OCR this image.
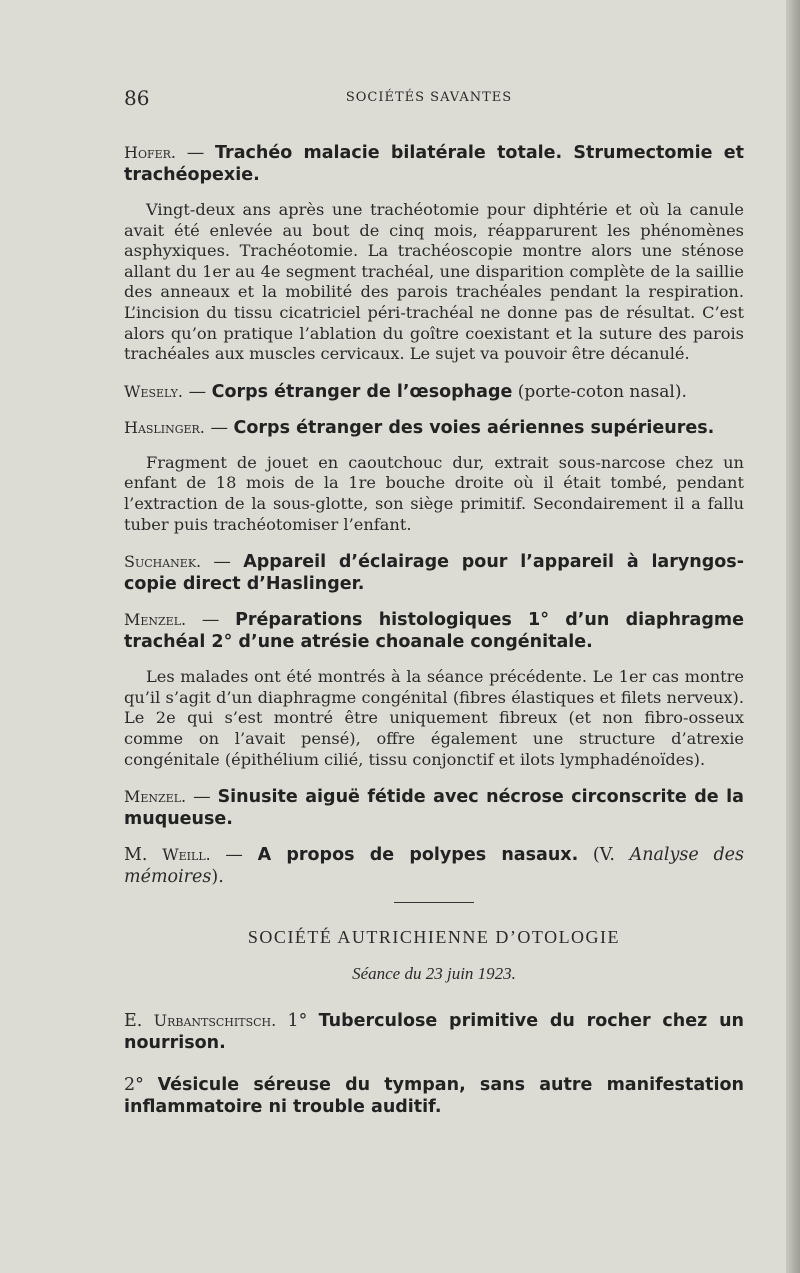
86	SOCIÉTÉS SAVANTES

Hofer. — Trachéo malacie bilatérale totale. Strumectomie et trachéopexie.

Vingt-deux ans après une trachéotomie pour diphtérie et où la canule avait été enlevée au bout de cinq mois, réapparurent les phénomènes asphyxiques. Trachéotomie. La trachéoscopie montre alors une sténose allant du 1er au 4e segment trachéal, une disparition complète de la saillie des anneaux et la mobilité des parois trachéales pendant la respiration. L’incision du tissu cicatriciel péri-trachéal ne donne pas de résultat. C’est alors qu’on pratique l’ablation du goître coexistant et la suture des parois trachéales aux muscles cervicaux. Le sujet va pouvoir être décanulé.

Wesely. — Corps étranger de l’œsophage (porte-coton nasal).

Haslinger. — Corps étranger des voies aériennes supérieures.

Fragment de jouet en caoutchouc dur, extrait sous-narcose chez un enfant de 18 mois de la 1re bouche droite où il était tombé, pendant l’extraction de la sous-glotte, son siège primitif. Secondairement il a fallu tuber puis trachéotomiser l’enfant.

Suchanek. — Appareil d’éclairage pour l’appareil à laryngos-copie direct d’Haslinger.

Menzel. — Préparations histologiques 1° d’un diaphragme trachéal 2° d’une atrésie choanale congénitale.

Les malades ont été montrés à la séance précédente. Le 1er cas montre qu’il s’agit d’un diaphragme congénital (fibres élastiques et filets nerveux). Le 2e qui s’est montré être uniquement fibreux (et non fibro-osseux comme on l’avait pensé), offre également une structure d’atrexie congénitale (épithélium cilié, tissu conjonctif et ilots lymphadénoïdes).

Menzel. — Sinusite aiguë fétide avec nécrose circonscrite de la muqueuse.

M. Weill. — A propos de polypes nasaux. (V. Analyse des mémoires).

SOCIÉTÉ AUTRICHIENNE D’OTOLOGIE
Séance du 23 juin 1923.

E. Urbantschitsch. 1° Tuberculose primitive du rocher chez un nourrison.

2° Vésicule séreuse du tympan, sans autre manifestation inflammatoire ni trouble auditif.
